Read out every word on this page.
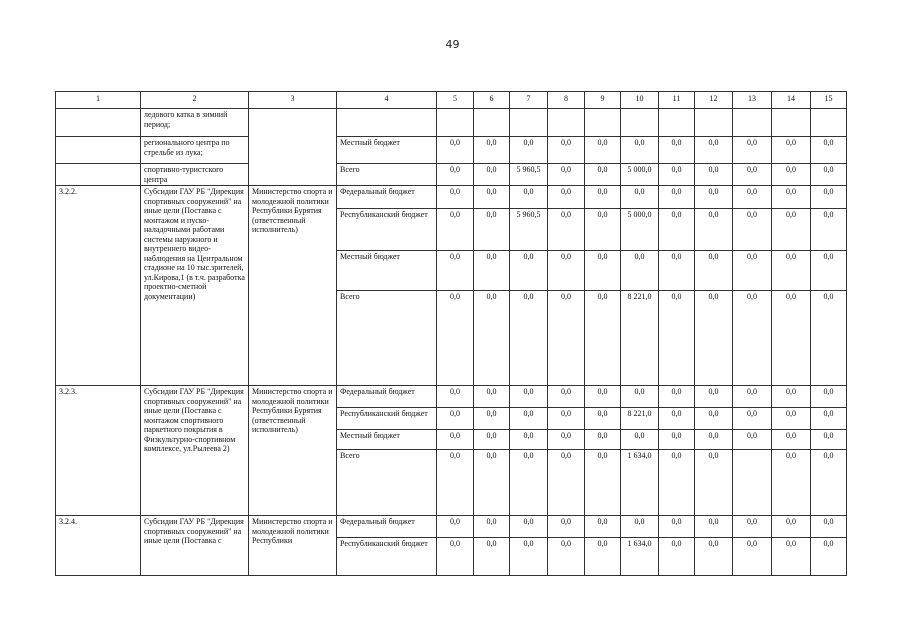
49
1	2	3	4	5	6	7	8	9	10	11	12	13	14	15
	ледового катка в зимний период;													
	регионального центра по стрельбе из лука;		Местный бюджет	0,0	0,0	0,0	0,0	0,0	0,0	0,0	0,0	0,0	0,0	0,0
	спортивно-туристского центра		Всего	0,0	0,0	5 960,5	0,0	0,0	5 000,0	0,0	0,0	0,0	0,0	0,0
3.2.2.	Субсидии ГАУ РБ "Дирекция спортивных сооружений" на иные цели (Поставка с монтажом и пуско-наладочными работами системы наружного и внутреннего видео-наблюдения на Центральном стадионе на 10 тыс.зрителей, ул.Кирова,1 (в т.ч. разработка проектно-сметной документации)	Министерство спорта и молодежной политики Республики Бурятия (ответственный исполнитель)	Федеральный бюджет	0,0	0,0	0,0	0,0	0,0	0,0	0,0	0,0	0,0	0,0	0,0
			Республиканский бюджет	0,0	0,0	5 960,5	0,0	0,0	5 000,0	0,0	0,0	0,0	0,0	0,0
			Местный бюджет	0,0	0,0	0,0	0,0	0,0	0,0	0,0	0,0	0,0	0,0	0,0
			Всего	0,0	0,0	0,0	0,0	0,0	8 221,0	0,0	0,0	0,0	0,0	0,0
3.2.3.	Субсидии ГАУ РБ "Дирекция спортивных сооружений" на иные цели (Поставка с монтажом спортивного паркетного покрытия в Физкультурно-спортивном комплексе, ул.Рылеева 2)	Министерство спорта и молодежной политики Республики Бурятия (ответственный исполнитель)	Федеральный бюджет	0,0	0,0	0,0	0,0	0,0	0,0	0,0	0,0	0,0	0,0	0,0
			Республиканский бюджет	0,0	0,0	0,0	0,0	0,0	8 221,0	0,0	0,0	0,0	0,0	0,0
			Местный бюджет	0,0	0,0	0,0	0,0	0,0	0,0	0,0	0,0	0,0	0,0	0,0
			Всего	0,0	0,0	0,0	0,0	0,0	1 634,0	0,0	0,0		0,0	0,0
3.2.4.	Субсидии ГАУ РБ "Дирекция спортивных сооружений" на иные цели (Поставка с	Министерство спорта и молодежной политики Республики	Федеральный бюджет	0,0	0,0	0,0	0,0	0,0	0,0	0,0	0,0	0,0	0,0	0,0
			Республиканский бюджет	0,0	0,0	0,0	0,0	0,0	1 634,0	0,0	0,0	0,0	0,0	0,0
